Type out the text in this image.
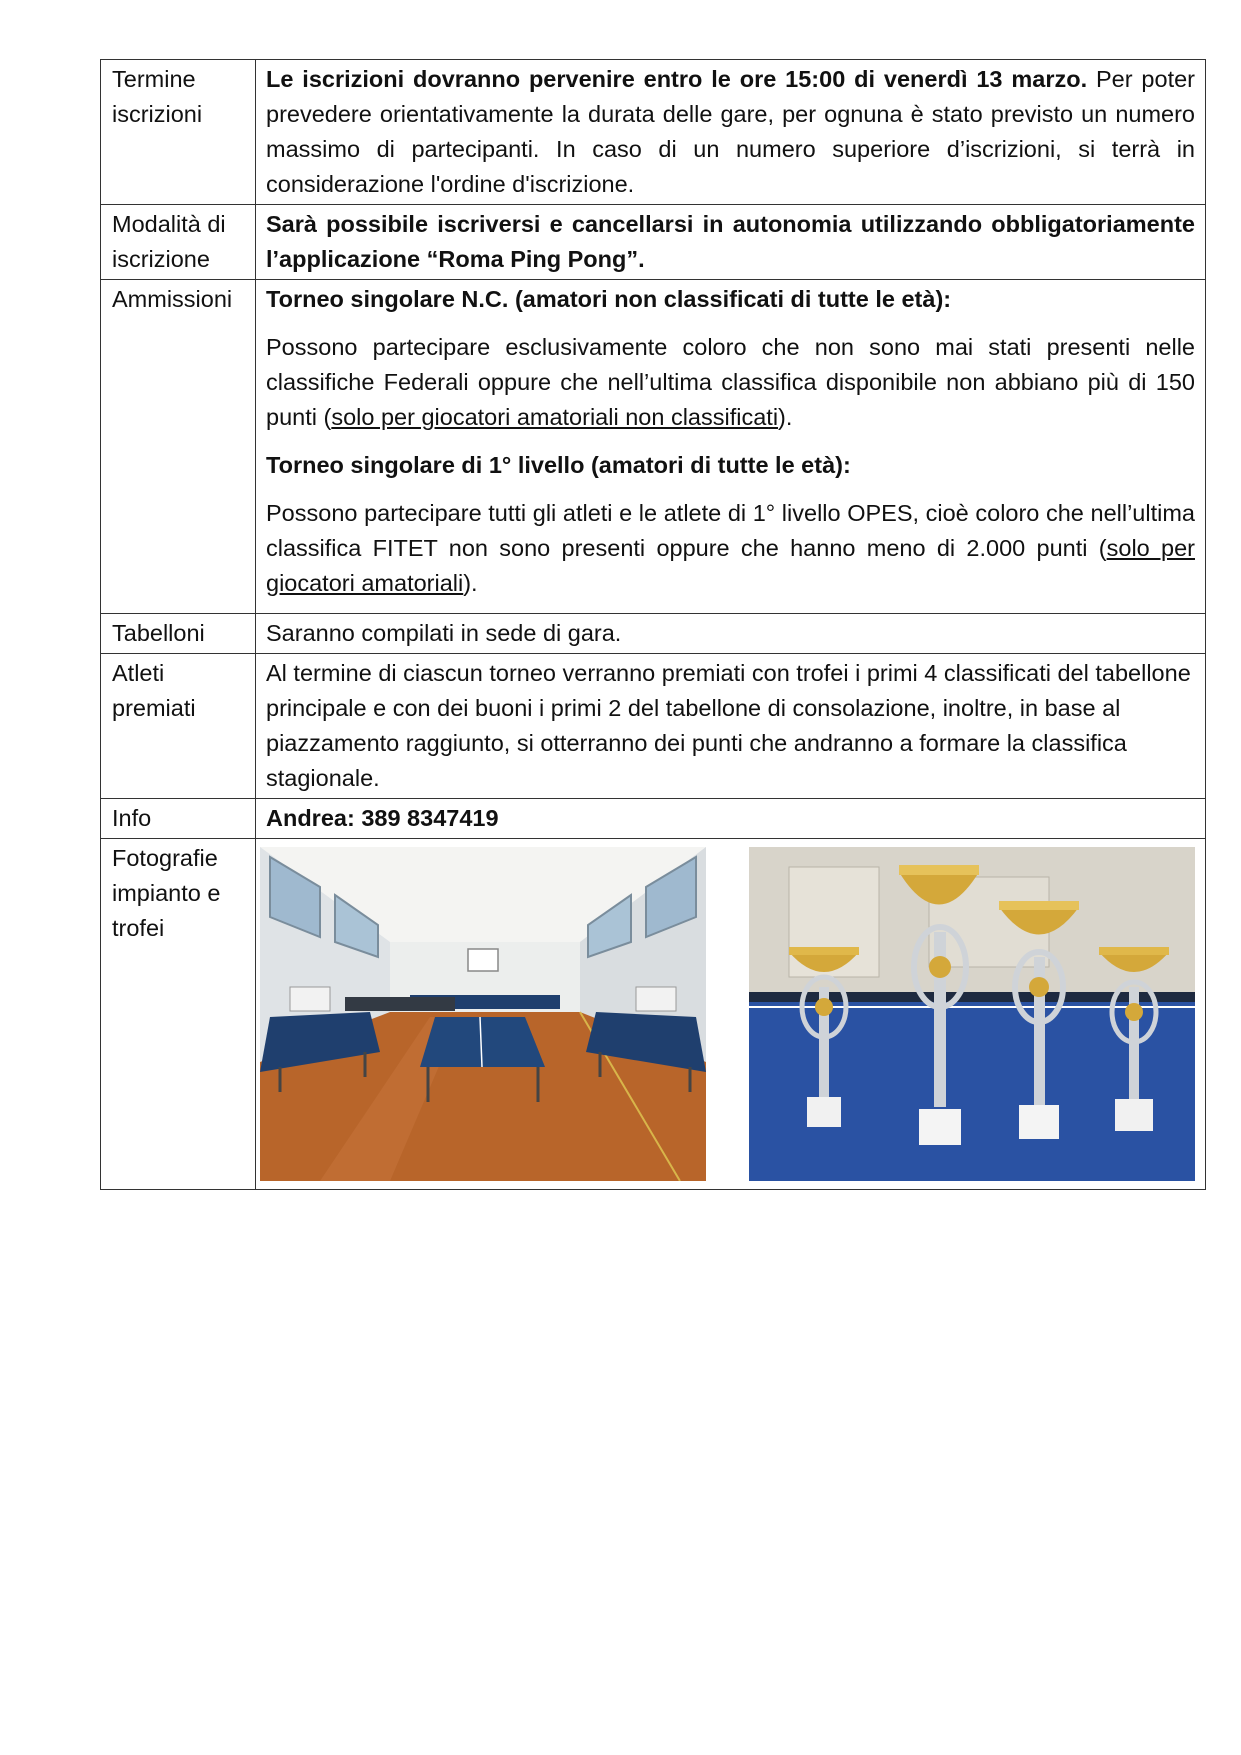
Termine iscrizioni	Le iscrizioni dovranno pervenire entro le ore 15:00 di venerdì 13 marzo. Per poter prevedere orientativamente la durata delle gare, per ognuna è stato previsto un numero massimo di partecipanti. In caso di un numero superiore d’iscrizioni, si terrà in considerazione l'ordine d'iscrizione.
Modalità di iscrizione	Sarà possibile iscriversi e cancellarsi in autonomia utilizzando obbligatoriamente l’applicazione “Roma Ping Pong”.
Ammissioni	Torneo singolare N.C. (amatori non classificati di tutte le età):

Possono partecipare esclusivamente coloro che non sono mai stati presenti nelle classifiche Federali oppure che nell’ultima classifica disponibile non abbiano più di 150 punti (solo per giocatori amatoriali non classificati).

Torneo singolare di 1° livello (amatori di tutte le età):

Possono partecipare tutti gli atleti e le atlete di 1° livello OPES, cioè coloro che nell’ultima classifica FITET non sono presenti oppure che hanno meno di 2.000 punti (solo per giocatori amatoriali).

Tabelloni	Saranno compilati in sede di gara.
Atleti premiati	Al termine di ciascun torneo verranno premiati con trofei i primi 4 classificati del tabellone principale e con dei buoni i primi 2 del tabellone di consolazione, inoltre, in base al piazzamento raggiunto, si otterranno dei punti che andranno a formare la classifica stagionale.
Info	Andrea: 389 8347419
Fotografie impianto e trofei	
